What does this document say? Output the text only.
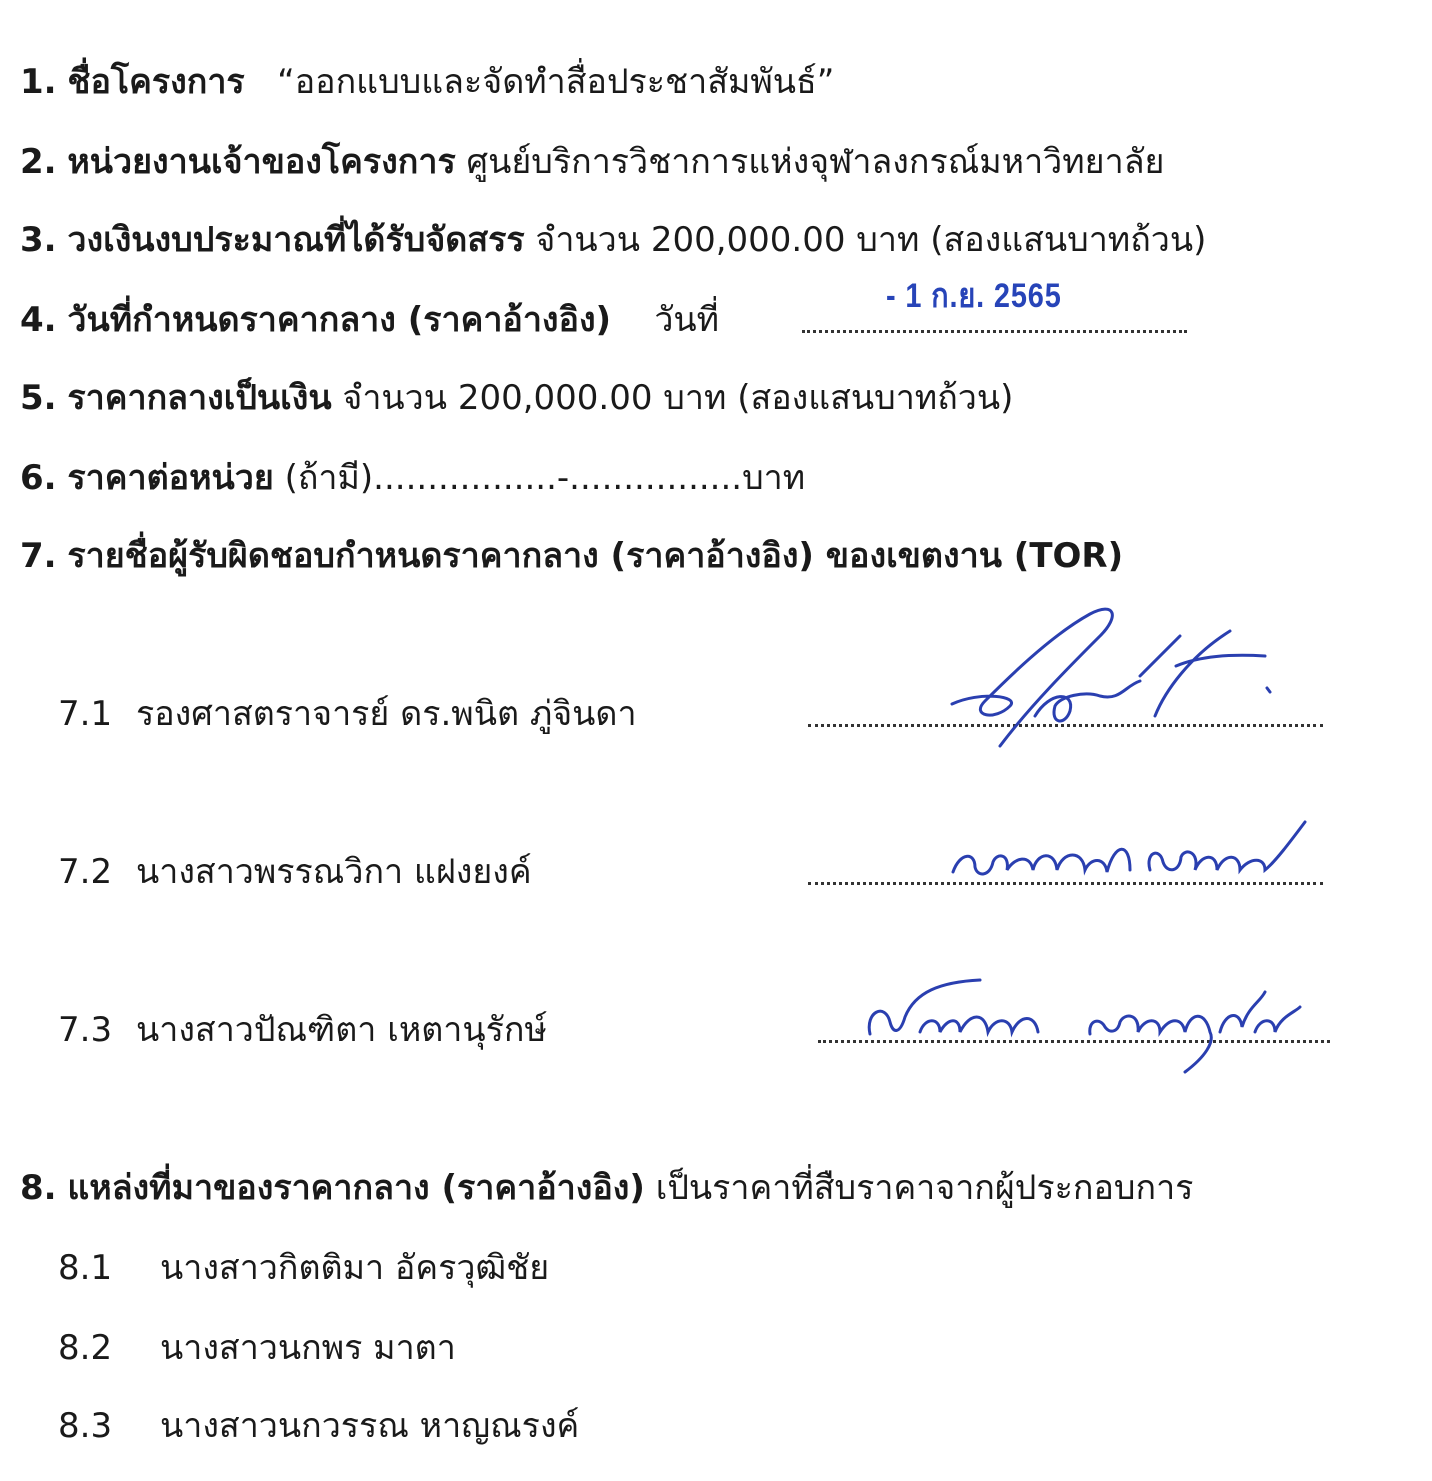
1. ชื่อโครงการ “ออกแบบและจัดทำสื่อประชาสัมพันธ์”
2. หน่วยงานเจ้าของโครงการ ศูนย์บริการวิชาการแห่งจุฬาลงกรณ์มหาวิทยาลัย
3. วงเงินงบประมาณที่ได้รับจัดสรร จำนวน 200,000.00 บาท (สองแสนบาทถ้วน)
4. วันที่กำหนดราคากลาง (ราคาอ้างอิง) วันที่
- 1 ก.ย. 2565
5. ราคากลางเป็นเงิน จำนวน 200,000.00 บาท (สองแสนบาทถ้วน)
6. ราคาต่อหน่วย (ถ้ามี).................-................บาท
7. รายชื่อผู้รับผิดชอบกำหนดราคากลาง (ราคาอ้างอิง) ของเขตงาน (TOR)
7.1 รองศาสตราจารย์ ดร.พนิต ภู่จินดา
7.2 นางสาวพรรณวิกา แฝงยงค์
7.3 นางสาวปัณฑิตา เหตานุรักษ์
8. แหล่งที่มาของราคากลาง (ราคาอ้างอิง) เป็นราคาที่สืบราคาจากผู้ประกอบการ
8.1 นางสาวกิตติมา อัครวุฒิชัย
8.2 นางสาวนกพร มาตา
8.3 นางสาวนกวรรณ หาญณรงค์
